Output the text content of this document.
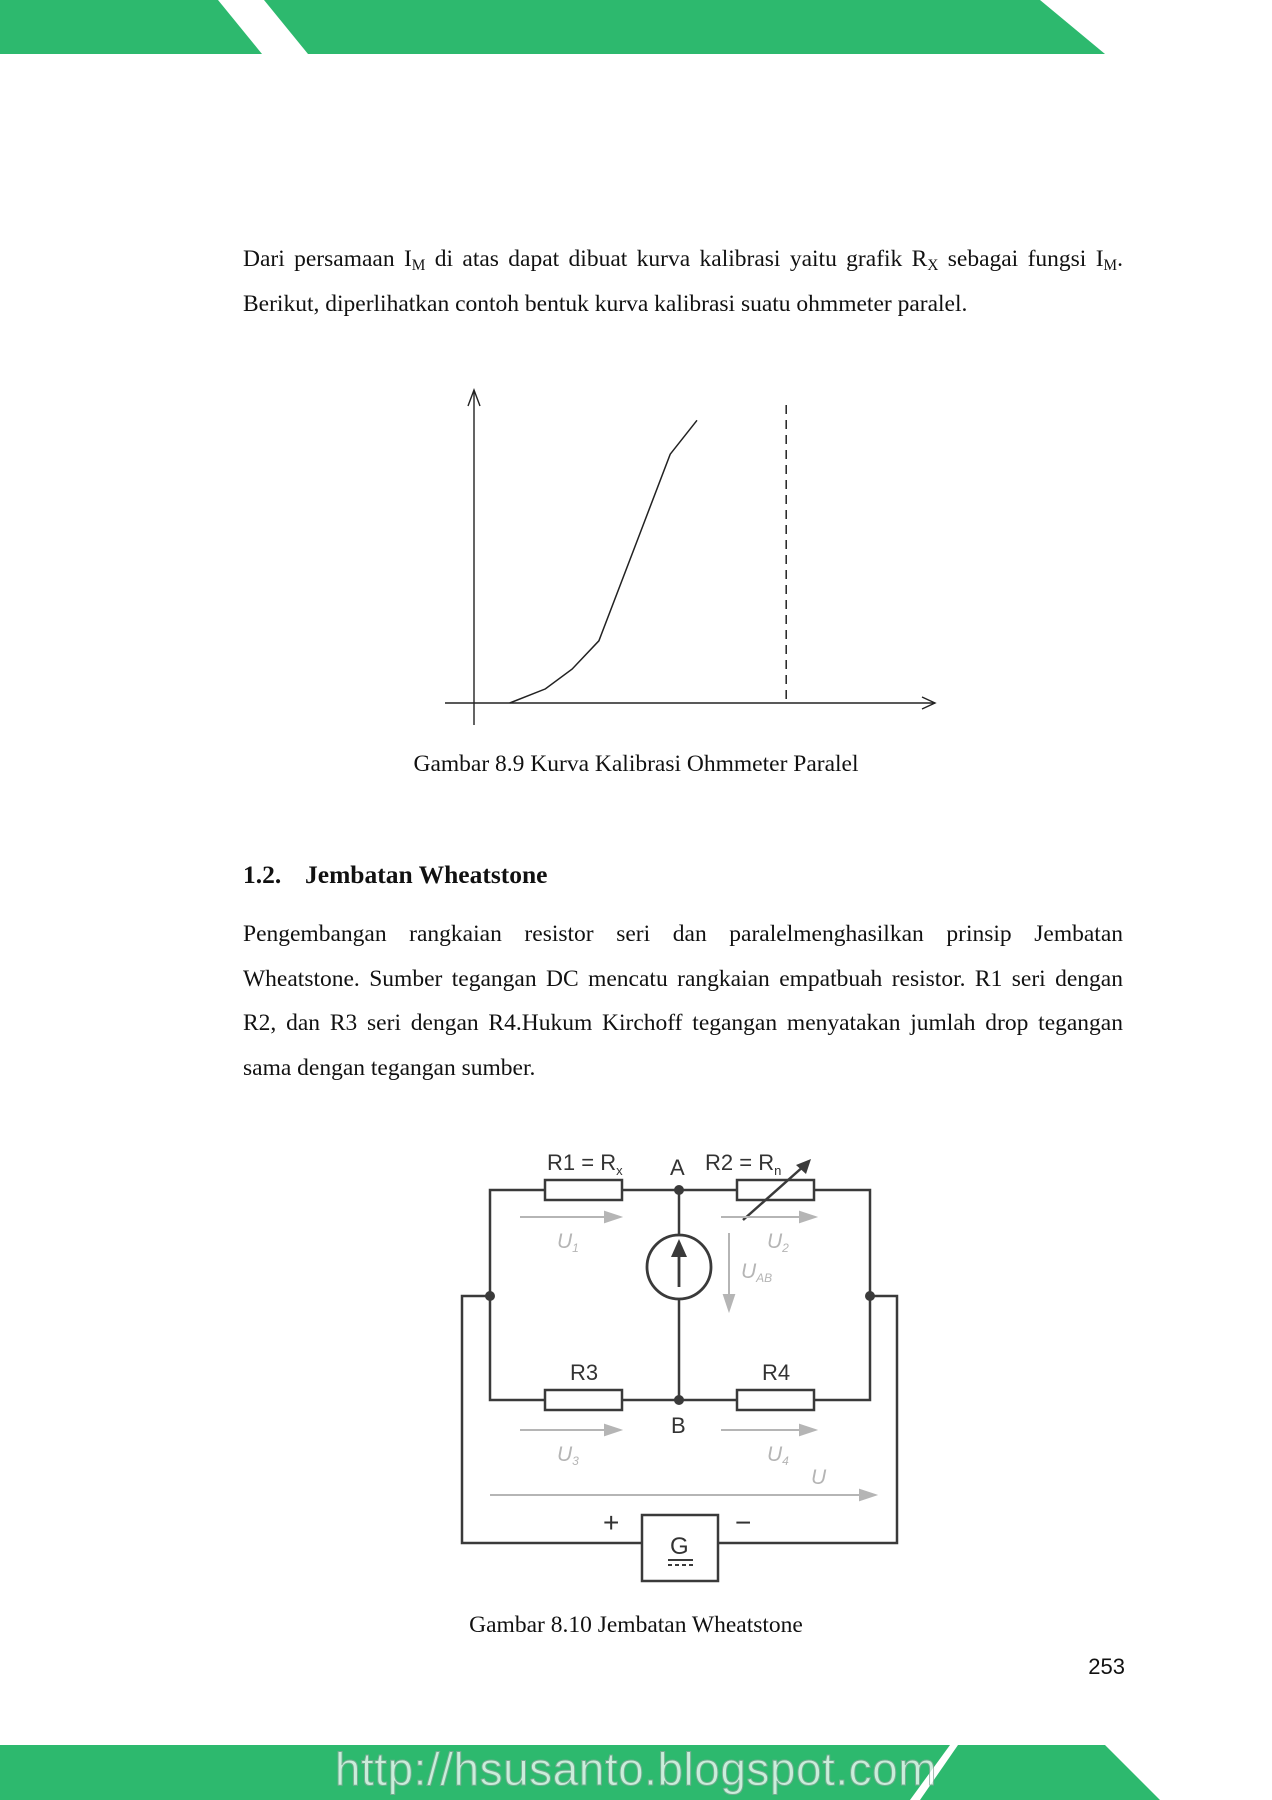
Dari persamaan $I_M$ di atas dapat dibuat kurva kalibrasi yaitu grafik $R_X$ sebagai fungsi $I_M$. Berikut, diperlihatkan contoh bentuk kurva kalibrasi suatu ohmmeter paralel.

Gambar 8.9 Kurva Kalibrasi Ohmmeter Paralel
1.2. Jembatan Wheatstone

Pengembangan rangkaian resistor seri dan paralelmenghasilkan prinsip Jembatan Wheatstone. Sumber tegangan DC mencatu rangkaian empatbuah resistor. R1 seri dengan R2, dan R3 seri dengan R4.Hukum Kirchoff tegangan menyatakan jumlah drop tegangan sama dengan tegangan sumber.

$R1 = R_x$ A $R2 = R_n$
R3	R4
B
+	−
G
U1	U2
UAB
U3	U4
U
Gambar 8.10 Jembatan Wheatstone
253
http://hsusanto.blogspot.com
